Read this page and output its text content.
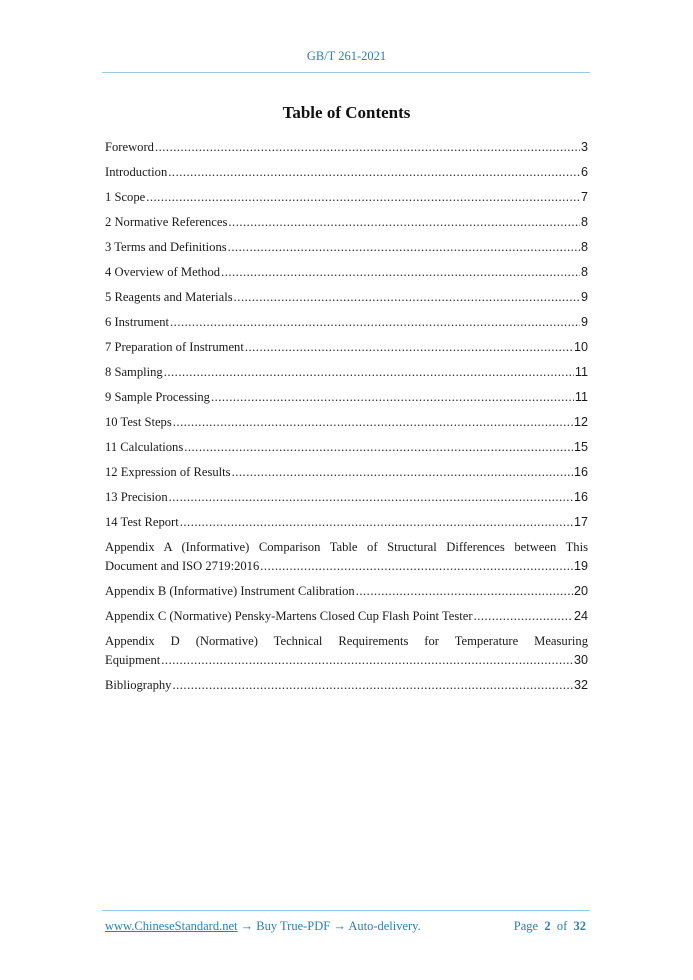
GB/T 261-2021
Table of Contents
Foreword .....	3
Introduction .....	6
1 Scope .....	7
2 Normative References .....	8
3 Terms and Definitions .....	8
4 Overview of Method .....	8
5 Reagents and Materials .....	9
6 Instrument .....	9
7 Preparation of Instrument .....	10
8 Sampling .....	11
9 Sample Processing .....	11
10 Test Steps .....	12
11 Calculations .....	15
12 Expression of Results .....	16
13 Precision .....	16
14 Test Report .....	17
Appendix A (Informative) Comparison Table of Structural Differences between This
Document and ISO 2719:2016 .....	19
Appendix B (Informative) Instrument Calibration .....	20
Appendix C (Normative) Pensky-Martens Closed Cup Flash Point Tester .....	24
Appendix D (Normative) Technical Requirements for Temperature Measuring
Equipment .....	30
Bibliography .....	32
www.ChineseStandard.net → Buy True-PDF → Auto-delivery.	Page 2 of 32
